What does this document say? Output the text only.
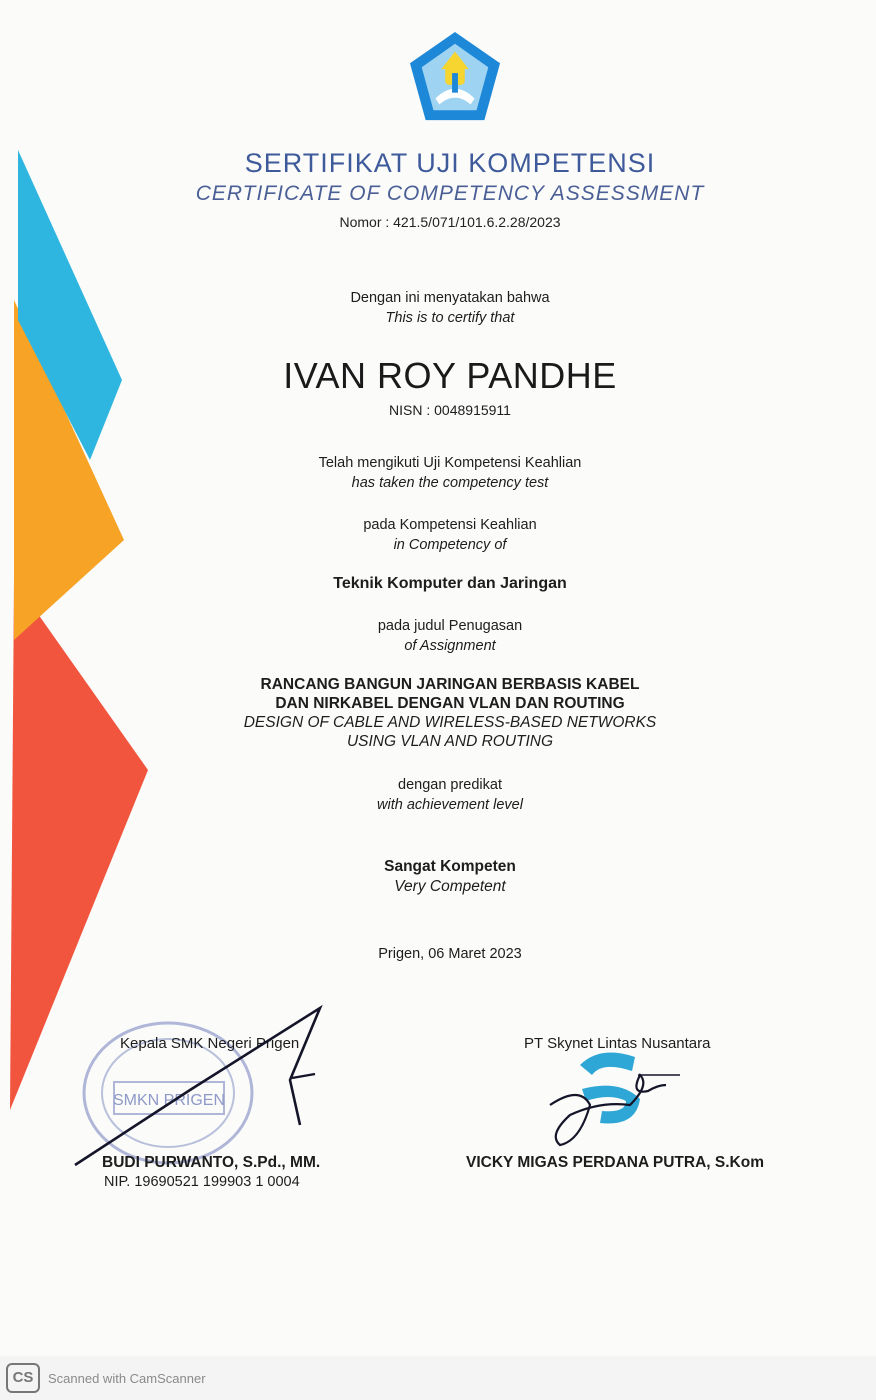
SERTIFIKAT UJI KOMPETENSI
CERTIFICATE OF COMPETENCY ASSESSMENT
Nomor : 421.5/071/101.6.2.28/2023
Dengan ini menyatakan bahwa
This is to certify that
IVAN ROY PANDHE
NISN : 0048915911
Telah mengikuti Uji Kompetensi Keahlian
has taken the competency test
pada Kompetensi Keahlian
in Competency of
Teknik Komputer dan Jaringan
pada judul Penugasan
of Assignment
RANCANG BANGUN JARINGAN BERBASIS KABEL
DAN NIRKABEL DENGAN VLAN DAN ROUTING
DESIGN OF CABLE AND WIRELESS-BASED NETWORKS
USING VLAN AND ROUTING
dengan predikat
with achievement level
Sangat Kompeten
Very Competent
Prigen, 06 Maret 2023
SMKN PRIGEN
Kepala SMK Negeri Prigen	PT Skynet Lintas Nusantara
BUDI PURWANTO, S.Pd., MM.
NIP. 19690521 199903 1 0004
VICKY MIGAS PERDANA PUTRA, S.Kom
CS	Scanned with CamScanner
